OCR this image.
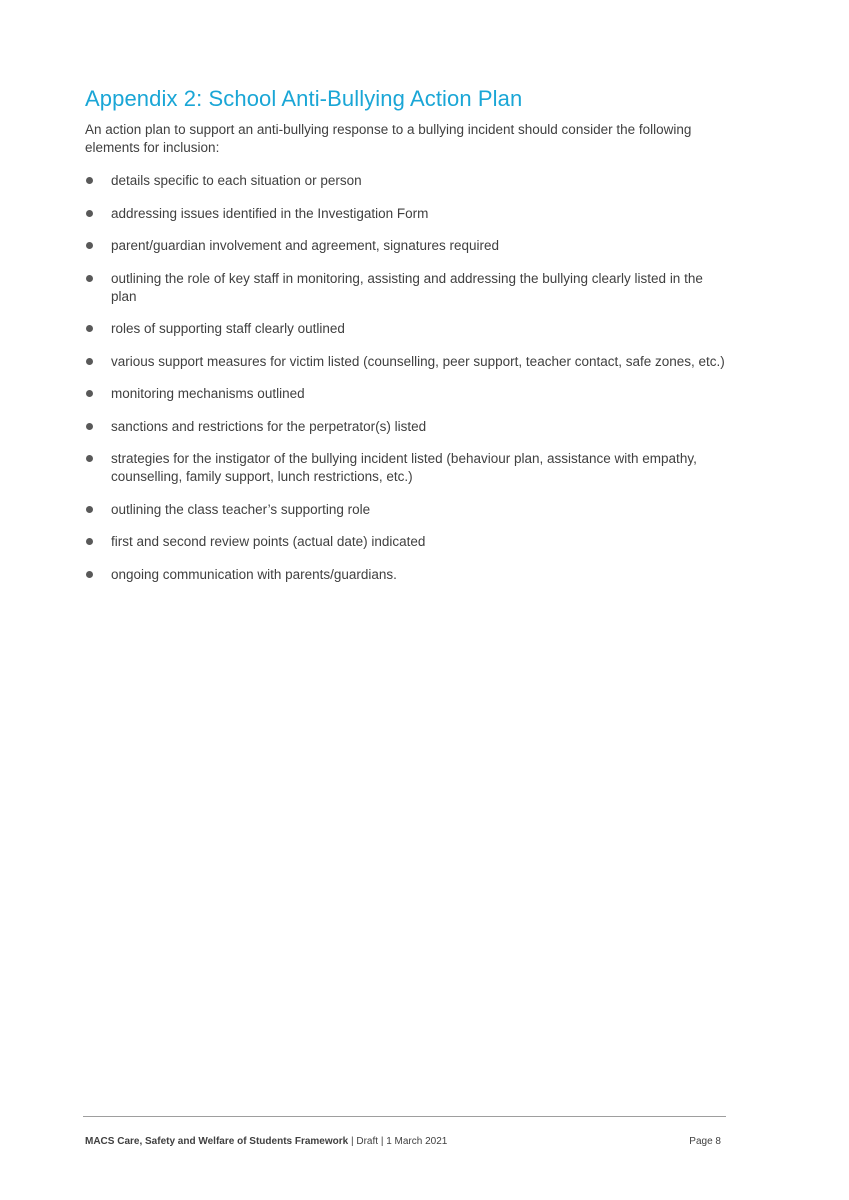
Appendix 2: School Anti-Bullying Action Plan

An action plan to support an anti-bullying response to a bullying incident should consider the following elements for inclusion:

details specific to each situation or person
addressing issues identified in the Investigation Form
parent/guardian involvement and agreement, signatures required
outlining the role of key staff in monitoring, assisting and addressing the bullying clearly listed in the plan
roles of supporting staff clearly outlined
various support measures for victim listed (counselling, peer support, teacher contact, safe zones, etc.)
monitoring mechanisms outlined
sanctions and restrictions for the perpetrator(s) listed
strategies for the instigator of the bullying incident listed (behaviour plan, assistance with empathy, counselling, family support, lunch restrictions, etc.)
outlining the class teacher’s supporting role
first and second review points (actual date) indicated
ongoing communication with parents/guardians.
MACS Care, Safety and Welfare of Students Framework | Draft | 1 March 2021	Page 8
